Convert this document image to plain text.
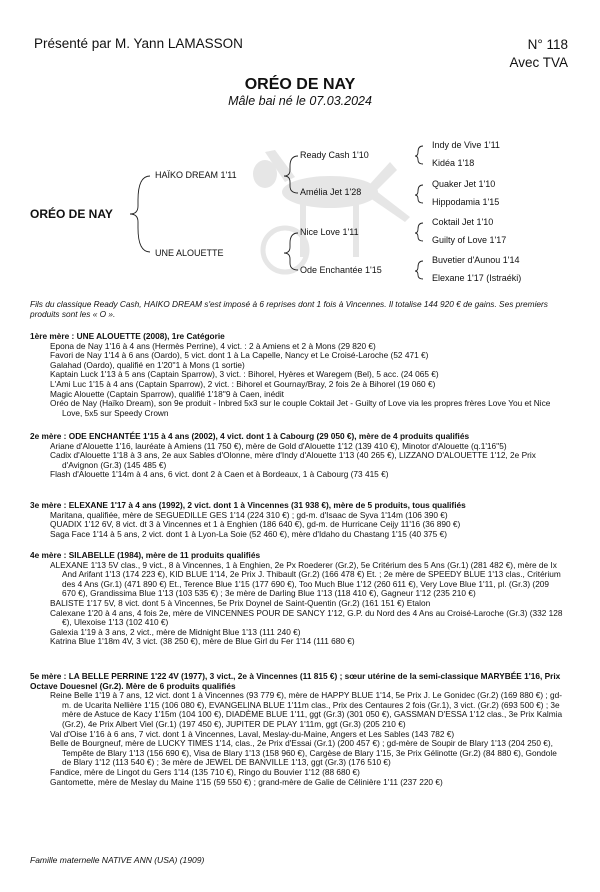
Présenté par M. Yann LAMASSON	N° 118
Avec TVA
ORÉO DE NAY
Mâle bai né le 07.03.2024
ORÉO DE NAY
HAÏKO DREAM 1'11
UNE ALOUETTE
Ready Cash 1'10
Amélia Jet 1'28
Nice Love 1'11
Ode Enchantée 1'15
Indy de Vive 1'11
Kidéa 1'18
Quaker Jet 1'10
Hippodamia 1'15
Coktail Jet 1'10
Guilty of Love 1'17
Buvetier d'Aunou 1'14
Elexane 1'17 (Istraéki)
Fils du classique Ready Cash, HAIKO DREAM s'est imposé à 6 reprises dont 1 fois à Vincennes. Il totalise 144 920 € de gains. Ses premiers produits sont les « O ».

1ère mère : UNE ALOUETTE (2008), 1re Catégorie

Epona de Nay 1'16 à 4 ans (Hermès Perrine), 4 vict. : 2 à Amiens et 2 à Mons (29 820 €)

Favori de Nay 1'14 à 6 ans (Oardo), 5 vict. dont 1 à La Capelle, Nancy et Le Croisé-Laroche (52 471 €)

Galahad (Oardo), qualifié en 1'20''1 à Mons (1 sortie)

Kaptain Luck 1'13 à 5 ans (Captain Sparrow), 3 vict. : Bihorel, Hyères et Waregem (Bel), 5 acc. (24 065 €)

L'Ami Luc 1'15 à 4 ans (Captain Sparrow), 2 vict. : Bihorel et Gournay/Bray, 2 fois 2e à Bihorel (19 060 €)

Magic Alouette (Captain Sparrow), qualifié 1'18''9 à Caen, inédit

Oréo de Nay (Haïko Dream), son 9e produit - Inbred 5x3 sur le couple Coktail Jet - Guilty of Love via les propres frères Love You et Nice Love, 5x5 sur Speedy Crown

2e mère : ODE ENCHANTÉE 1'15 à 4 ans (2002), 4 vict. dont 1 à Cabourg (29 050 €), mère de 4 produits qualifiés

Ariane d'Alouette 1'16, lauréate à Amiens (11 750 €), mère de Gold d'Alouette 1'12 (139 410 €), Minotor d'Alouette (q.1'16''5)

Cadix d'Alouette 1'18 à 3 ans, 2e aux Sables d'Olonne, mère d'Indy d'Alouette 1'13 (40 265 €), LIZZANO D'ALOUETTE 1'12, 2e Prix d'Avignon (Gr.3) (145 485 €)

Flash d'Alouette 1'14m à 4 ans, 6 vict. dont 2 à Caen et à Bordeaux, 1 à Cabourg (73 415 €)

3e mère : ELEXANE 1'17 à 4 ans (1992), 2 vict. dont 1 à Vincennes (31 938 €), mère de 5 produits, tous qualifiés

Maritana, qualifiée, mère de SEGUEDILLE GES 1'14 (224 310 €) ; gd-m. d'Isaac de Syva 1'14m (106 390 €)

QUADIX 1'12 6V, 8 vict. dt 3 à Vincennes et 1 à Enghien (186 640 €), gd-m. de Hurricane Ceijy 11'16 (36 890 €)

Saga Face 1'14 à 5 ans, 2 vict. dont 1 à Lyon-La Soie (52 460 €), mère d'Idaho du Chastang 1'15 (40 375 €)

4e mère : SILABELLE (1984), mère de 11 produits qualifiés

ALEXANE 1'13 5V clas., 9 vict., 8 à Vincennes, 1 à Enghien, 2e Px Roederer (Gr.2), 5e Critérium des 5 Ans (Gr.1) (281 482 €), mère de Ix And Arifant 1'13 (174 223 €), KID BLUE 1'14, 2e Prix J. Thibault (Gr.2) (166 478 €) Et. ; 2e mère de SPEEDY BLUE 1'13 clas., Critérium des 4 Ans (Gr.1) (471 890 €) Et., Terence Blue 1'15 (177 690 €), Too Much Blue 1'12 (260 611 €), Very Love Blue 1'11, pl. (Gr.3) (209 670 €), Grandissima Blue 1'13 (103 535 €) ; 3e mère de Darling Blue 1'13 (118 410 €), Gagneur 1'12 (235 210 €)

BALISTE 1'17 5V, 8 vict. dont 5 à Vincennes, 5e Prix Doynel de Saint-Quentin (Gr.2) (161 151 €) Etalon

Calexane 1'20 à 4 ans, 4 fois 2e, mère de VINCENNES POUR DE SANCY 1'12, G.P. du Nord des 4 Ans au Croisé-Laroche (Gr.3) (332 128 €), Ulexoise 1'13 (102 410 €)

Galexia 1'19 à 3 ans, 2 vict., mère de Midnight Blue 1'13 (111 240 €)

Katrina Blue 1'18m 4V, 3 vict. (38 250 €), mère de Blue Girl du Fer 1'14 (111 680 €)

5e mère : LA BELLE PERRINE 1'22 4V (1977), 3 vict., 2e à Vincennes (11 815 €) ; sœur utérine de la semi-classique MARYBÉE 1'16, Prix Octave Douesnel (Gr.2). Mère de 6 produits qualifiés

Reine Belle 1'19 à 7 ans, 12 vict. dont 1 à Vincennes (93 779 €), mère de HAPPY BLUE 1'14, 5e Prix J. Le Gonidec (Gr.2) (169 880 €) ; gd-m. de Ucarita Nellière 1'15 (106 080 €), EVANGELINA BLUE 1'11m clas., Prix des Centaures 2 fois (Gr.1), 3 vict. (Gr.2) (693 500 €) ; 3e mère de Astuce de Kacy 1'15m (104 100 €), DIADÈME BLUE 1'11, ggt (Gr.3) (301 050 €), GASSMAN D'ESSA 1'12 clas., 3e Prix Kalmia (Gr.2), 4e Prix Albert Viel (Gr.1) (197 450 €), JUPITER DE PLAY 1'11m, ggt (Gr.3) (205 210 €)

Val d'Oise 1'16 à 6 ans, 7 vict. dont 1 à Vincennes, Laval, Meslay-du-Maine, Angers et Les Sables (143 782 €)

Belle de Bourgneuf, mère de LUCKY TIMES 1'14, clas., 2e Prix d'Essai (Gr.1) (200 457 €) ; gd-mère de Soupir de Blary 1'13 (204 250 €), Tempête de Blary 1'13 (156 690 €), Visa de Blary 1'13 (158 960 €), Cargèse de Blary 1'15, 3e Prix Gélinotte (Gr.2) (84 880 €), Gondole de Blary 1'12 (113 540 €) ; 3e mère de JEWEL DE BANVILLE 1'13, ggt (Gr.3) (176 510 €)

Fandice, mère de Lingot du Gers 1'14 (135 710 €), Ringo du Bouvier 1'12 (88 680 €)

Gantomette, mère de Meslay du Maine 1'15 (59 550 €) ; grand-mère de Galie de Célinière 1'11 (237 220 €)

Famille maternelle NATIVE ANN (USA) (1909)
